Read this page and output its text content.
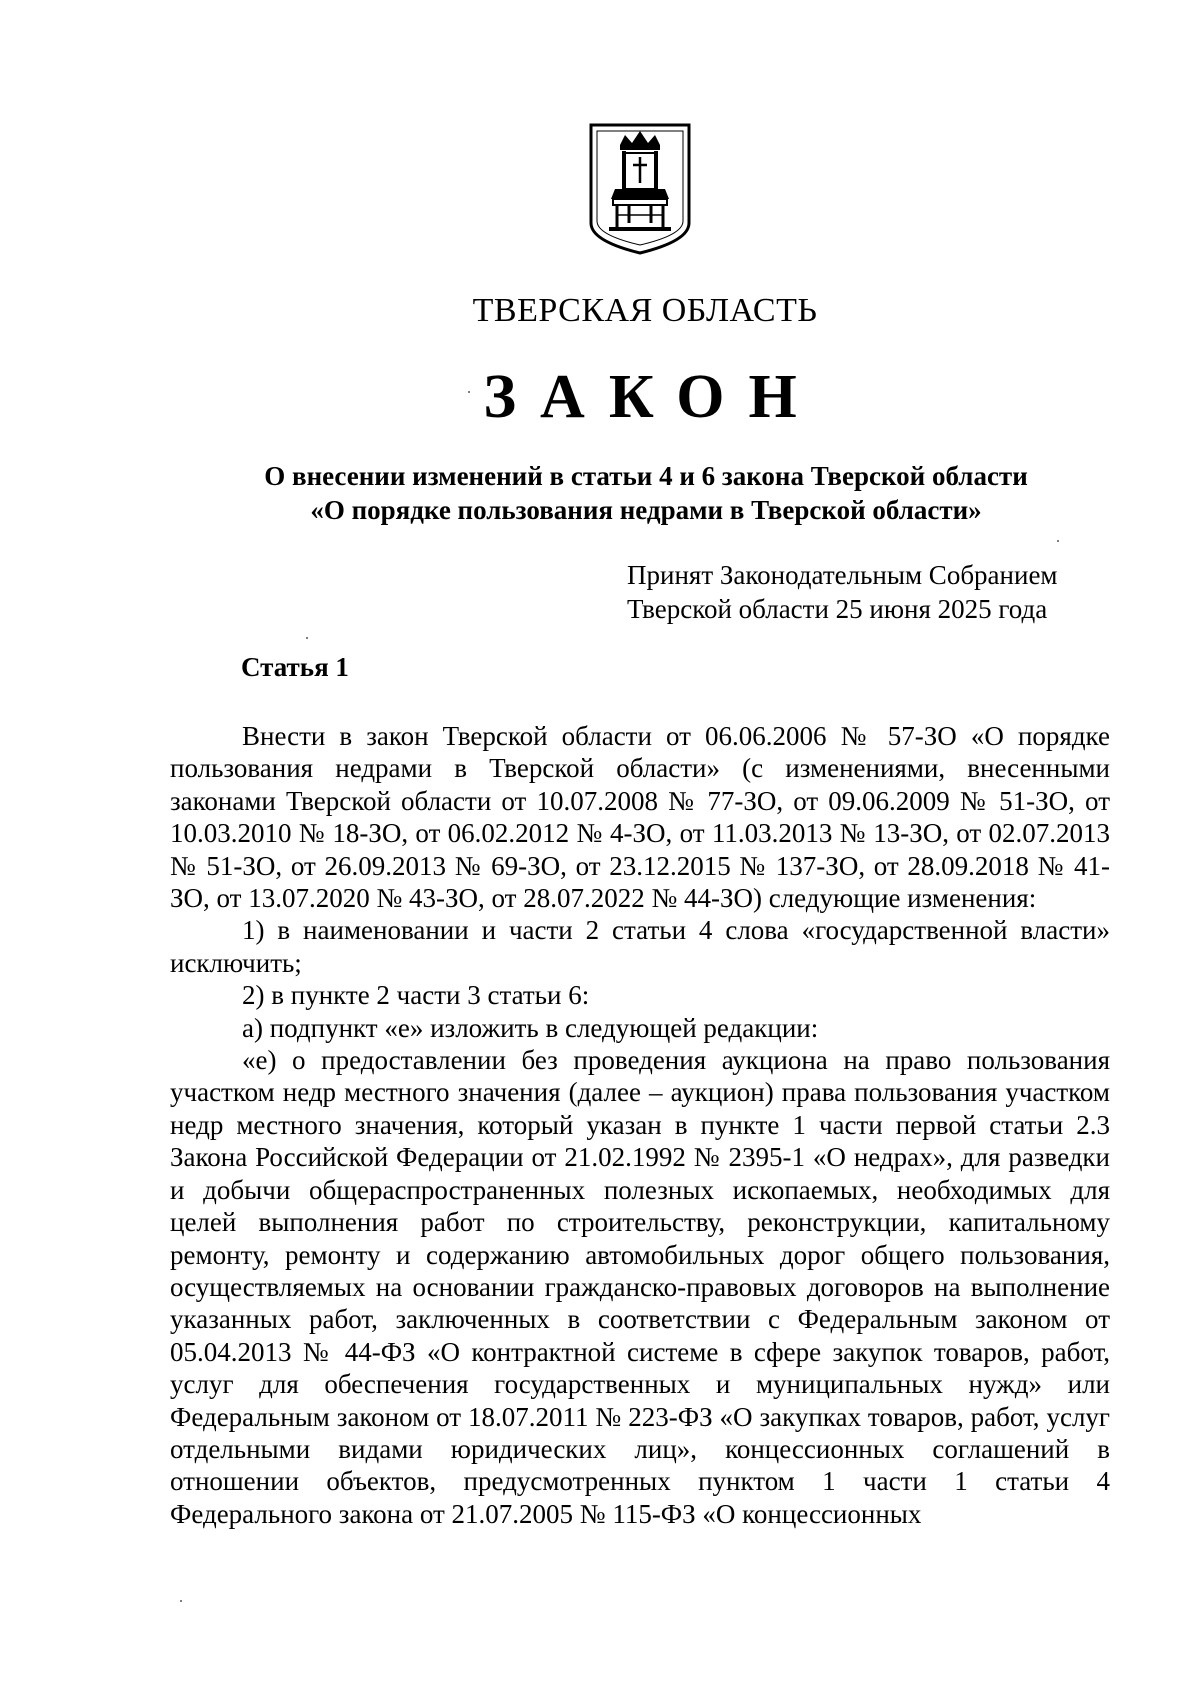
ТВЕРСКАЯ ОБЛАСТЬ
ЗАКОН
О внесении изменений в статьи 4 и 6 закона Тверской области
«О порядке пользования недрами в Тверской области»
Принят Законодательным Собранием
Тверской области 25 июня 2025 года
Статья 1

Внести в закон Тверской области от 06.06.2006 № 57-ЗО «О порядке пользования недрами в Тверской области» (с изменениями, внесенными законами Тверской области от 10.07.2008 № 77-ЗО, от 09.06.2009 № 51-ЗО, от 10.03.2010 № 18-ЗО, от 06.02.2012 № 4-ЗО, от 11.03.2013 № 13-ЗО, от 02.07.2013 № 51-ЗО, от 26.09.2013 № 69-ЗО, от 23.12.2015 № 137-ЗО, от 28.09.2018 № 41-ЗО, от 13.07.2020 № 43-ЗО, от 28.07.2022 № 44-ЗО) следующие изменения:

1) в наименовании и части 2 статьи 4 слова «государственной власти» исключить;

2) в пункте 2 части 3 статьи 6:

а) подпункт «е» изложить в следующей редакции:

«е) о предоставлении без проведения аукциона на право пользования участком недр местного значения (далее – аукцион) права пользования участком недр местного значения, который указан в пункте 1 части первой статьи 2.3 Закона Российской Федерации от 21.02.1992 № 2395-1 «О недрах», для разведки и добычи общераспространенных полезных ископаемых, необходимых для целей выполнения работ по строительству, реконструкции, капитальному ремонту, ремонту и содержанию автомобильных дорог общего пользования, осуществляемых на основании гражданско-правовых договоров на выполнение указанных работ, заключенных в соответствии с Федеральным законом от 05.04.2013 № 44-ФЗ «О контрактной системе в сфере закупок товаров, работ, услуг для обеспечения государственных и муниципальных нужд» или Федеральным законом от 18.07.2011 № 223-ФЗ «О закупках товаров, работ, услуг отдельными видами юридических лиц», концессионных соглашений в отношении объектов, предусмотренных пунктом 1 части 1 статьи 4 Федерального закона от 21.07.2005 № 115-ФЗ «О концессионных
